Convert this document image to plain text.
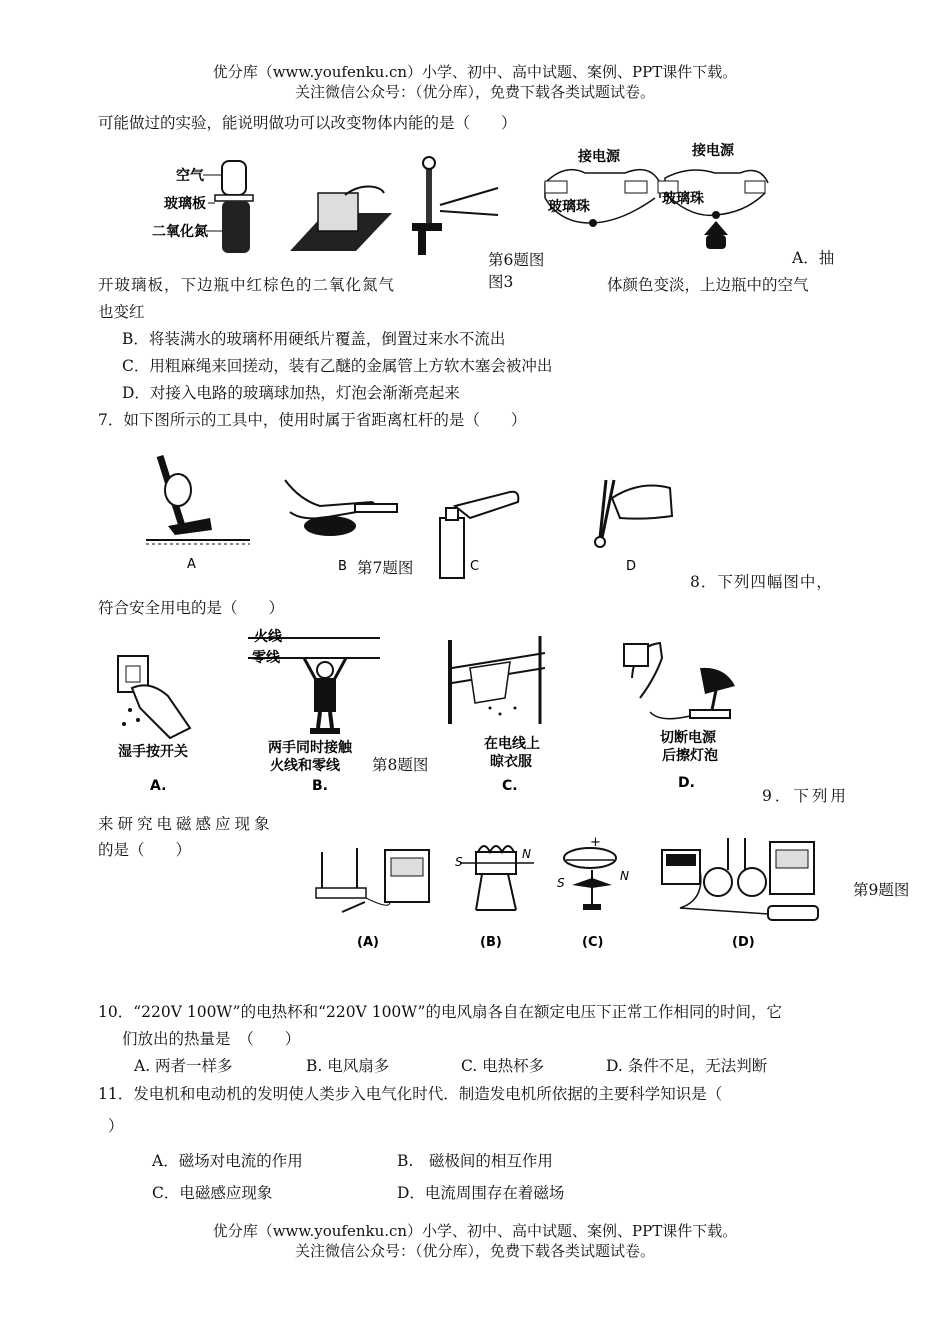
优分库（www.youfenku.cn）小学、初中、高中试题、案例、PPT课件下载。
关注微信公众号：（优分库），免费下载各类试题试卷。
可能做过的实验，能说明做功可以改变物体内能的是（　　）
空气
玻璃板
二氧化氮
接电源
玻璃珠
接电源
玻璃珠
第6题图
图3
A．抽
开玻璃板，下边瓶中红棕色的二氧化氮气	体颜色变淡，上边瓶中的空气
也变红
B．将装满水的玻璃杯用硬纸片覆盖，倒置过来水不流出
C．用粗麻绳来回搓动，装有乙醚的金属管上方软木塞会被冲出
D．对接入电路的玻璃球加热，灯泡会渐渐亮起来
7．如下图所示的工具中，使用时属于省距离杠杆的是（　　）
A	B	C	D
第7题图
8．下列四幅图中，
符合安全用电的是（　　）
湿手按开关
A.
火线
零线
两手同时接触
火线和零线
B.
在电线上
晾衣服
C.
切断电源
后擦灯泡
D.
第8题图
9．下列用
来研究电磁感应现象
的是（　　）
(A)
S
N
(B)
+
S	N
(C)	(D)
第9题图
10．“220V 100W”的电热杯和“220V 100W”的电风扇各自在额定电压下正常工作相同的时间，它
们放出的热量是　（　　）
A. 两者一样多	B. 电风扇多	C. 电热杯多	D. 条件不足，无法判断
11．发电机和电动机的发明使人类步入电气化时代．制造发电机所依据的主要科学知识是（
）
A．磁场对电流的作用	B.　磁极间的相互作用
C．电磁感应现象	D．电流周围存在着磁场
优分库（www.youfenku.cn）小学、初中、高中试题、案例、PPT课件下载。
关注微信公众号：（优分库），免费下载各类试题试卷。
